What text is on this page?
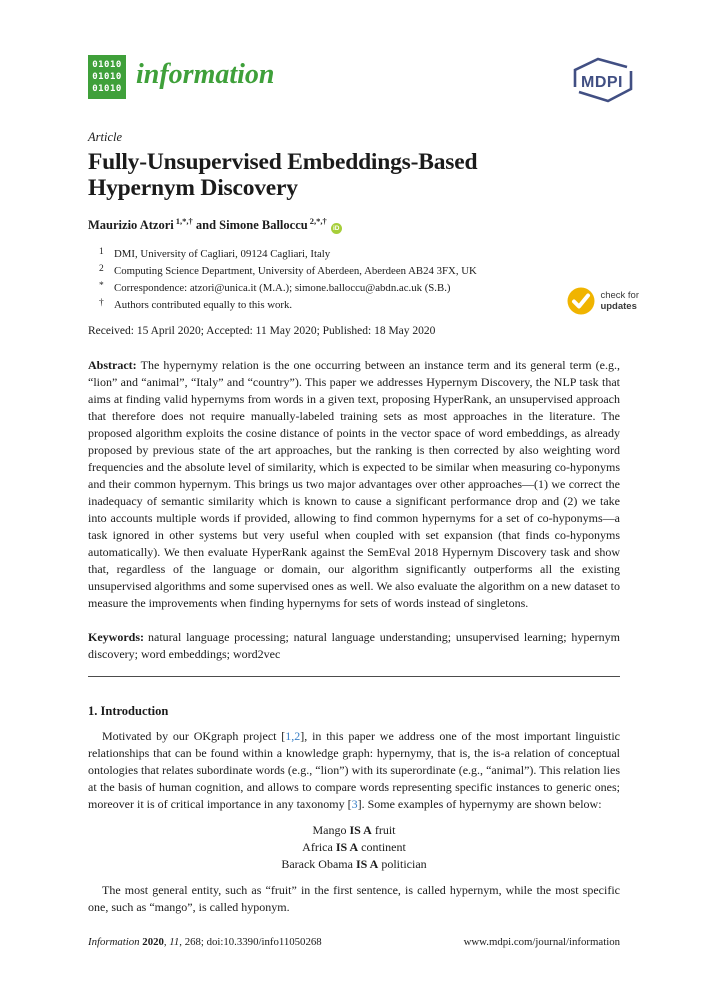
01010
01010
01010 information	MDPI
Article
Fully-Unsupervised Embeddings-Based
Hypernym Discovery
Maurizio Atzori $^{1,*,\dagger}$ and Simone Balloccu $^{2,*,\dagger}$iD
1 DMI, University of Cagliari, 09124 Cagliari, Italy
2 Computing Science Department, University of Aberdeen, Aberdeen AB24 3FX, UK
* Correspondence: atzori@unica.it (M.A.); simone.balloccu@abdn.ac.uk (S.B.)
† Authors contributed equally to this work.
Received: 15 April 2020; Accepted: 11 May 2020; Published: 18 May 2020
check for
updates

Abstract: The hypernymy relation is the one occurring between an instance term and its general term (e.g., “lion” and “animal”, “Italy” and “country”). This paper we addresses Hypernym Discovery, the NLP task that aims at finding valid hypernyms from words in a given text, proposing HyperRank, an unsupervised approach that therefore does not require manually-labeled training sets as most approaches in the literature. The proposed algorithm exploits the cosine distance of points in the vector space of word embeddings, as already proposed by previous state of the art approaches, but the ranking is then corrected by also weighting word frequencies and the absolute level of similarity, which is expected to be similar when measuring co-hyponyms and their common hypernym. This brings us two major advantages over other approaches—(1) we correct the inadequacy of semantic similarity which is known to cause a significant performance drop and (2) we take into accounts multiple words if provided, allowing to find common hypernyms for a set of co-hyponyms—a task ignored in other systems but very useful when coupled with set expansion (that finds co-hyponyms automatically). We then evaluate HyperRank against the SemEval 2018 Hypernym Discovery task and show that, regardless of the language or domain, our algorithm significantly outperforms all the existing unsupervised algorithms and some supervised ones as well. We also evaluate the algorithm on a new dataset to measure the improvements when finding hypernyms for sets of words instead of singletons.

Keywords: natural language processing; natural language understanding; unsupervised learning; hypernym discovery; word embeddings; word2vec

1. Introduction

Motivated by our OKgraph project [1,2], in this paper we address one of the most important linguistic relationships that can be found within a knowledge graph: hypernymy, that is, the is-a relation of conceptual ontologies that relates subordinate words (e.g., “lion”) with its superordinate (e.g., “animal”). This relation lies at the basis of human cognition, and allows to compare words representing specific instances to generic ones; moreover it is of critical importance in any taxonomy [3]. Some examples of hypernymy are shown below:

Mango IS A fruit
Africa IS A continent
Barack Obama IS A politician

The most general entity, such as “fruit” in the first sentence, is called hypernym, while the most specific one, such as “mango”, is called hyponym.

Information 2020, 11, 268; doi:10.3390/info11050268	www.mdpi.com/journal/information
